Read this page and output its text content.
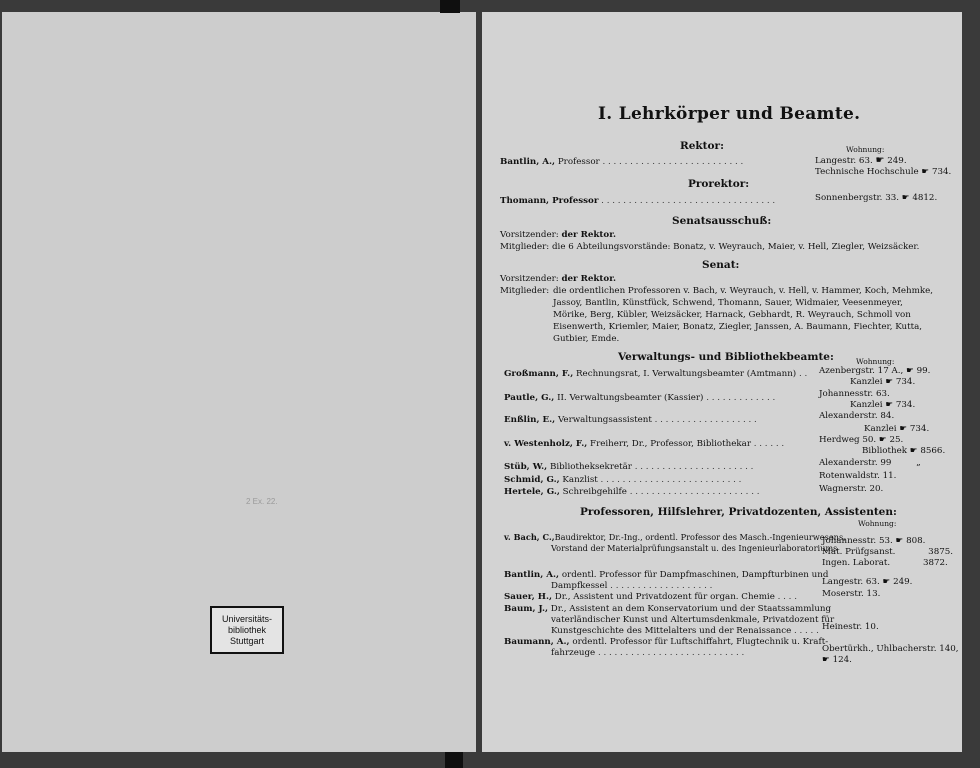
Universitäts-
bibliothek
Stuttgart
2 Ex. 22.
I. Lehrkörper und Beamte.
Rektor:	Wohnung:
Bantlin, A., Professor . . . . . . . . . . . . . . . . . . . . . . . . . .	Langestr. 63. ☛ 249.
Technische Hochschule ☛ 734.
Prorektor:
Thomann, Professor . . . . . . . . . . . . . . . . . . . . . . . . . . . . . . . .	Sonnenbergstr. 33. ☛ 4812.
Senatsausschuß:
Vorsitzender: der Rektor.
Mitglieder: die 6 Abteilungsvorstände: Bonatz, v. Weyrauch, Maier, v. Hell, Ziegler, Weizsäcker.
Senat:
Vorsitzender: der Rektor.
Mitglieder: die ordentlichen Professoren v. Bach, v. Weyrauch, v. Hell, v. Hammer, Koch, Mehmke,
Jassoy, Bantlin, Künstfück, Schwend, Thomann, Sauer, Widmaier, Veesenmeyer,
Mörike, Berg, Kübler, Weizsäcker, Harnack, Gebhardt, R. Weyrauch, Schmoll von
Eisenwerth, Kriemler, Maier, Bonatz, Ziegler, Janssen, A. Baumann, Fiechter, Kutta,
Gutbier, Emde.
Verwaltungs- und Bibliothekbeamte:	Wohnung:
Großmann, F., Rechnungsrat, I. Verwaltungsbeamter (Amtmann) . . Azenbergstr. 17 A., ☛ 99.
Kanzlei ☛ 734.
Pautle, G., II. Verwaltungsbeamter (Kassier) . . . . . . . . . . . . .	Johannesstr. 63.
Kanzlei ☛ 734.
Enßlin, E., Verwaltungsassistent . . . . . . . . . . . . . . . . . . .	Alexanderstr. 84.
Kanzlei ☛ 734.
v. Westenholz, F., Freiherr, Dr., Professor, Bibliothekar . . . . . .	Herdweg 50. ☛ 25.
Bibliothek ☛ 8566.
Stüb, W., Bibliotheksekretär . . . . . . . . . . . . . . . . . . . . . .	Alexanderstr. 99	„
Schmid, G., Kanzlist . . . . . . . . . . . . . . . . . . . . . . . . . .	Rotenwaldstr. 11.
Hertele, G., Schreibgehilfe . . . . . . . . . . . . . . . . . . . . . . . .	Wagnerstr. 20.
Professoren, Hilfslehrer, Privatdozenten, Assistenten:
Wohnung:
v. Bach, C.,Baudirektor, Dr.-Ing., ordentl. Professor des Masch.-Ingenieurwesens,
Vorstand der Materialprüfungsanstalt u. des Ingenieurlaboratoriums
Johannesstr. 53. ☛ 808.
Mat. Prüfgsanst.	3875.
Ingen. Laborat.	3872.
Bantlin, A., ordentl. Professor für Dampfmaschinen, Dampfturbinen und
Dampfkessel . . . . . . . . . . . . . . . . . . .	Langestr. 63. ☛ 249.
Sauer, H., Dr., Assistent und Privatdozent für organ. Chemie . . . .	Moserstr. 13.
Baum, J., Dr., Assistent an dem Konservatorium und der Staatssammlung
vaterländischer Kunst und Altertumsdenkmale, Privatdozent für
Kunstgeschichte des Mittelalters und der Renaissance . . . . . Heinestr. 10.
Baumann, A., ordentl. Professor für Luftschiffahrt, Flugtechnik u. Kraft-
fahrzeuge . . . . . . . . . . . . . . . . . . . . . . . . . . .	Obertürkh., Uhlbacherstr. 140,
☛ 124.
